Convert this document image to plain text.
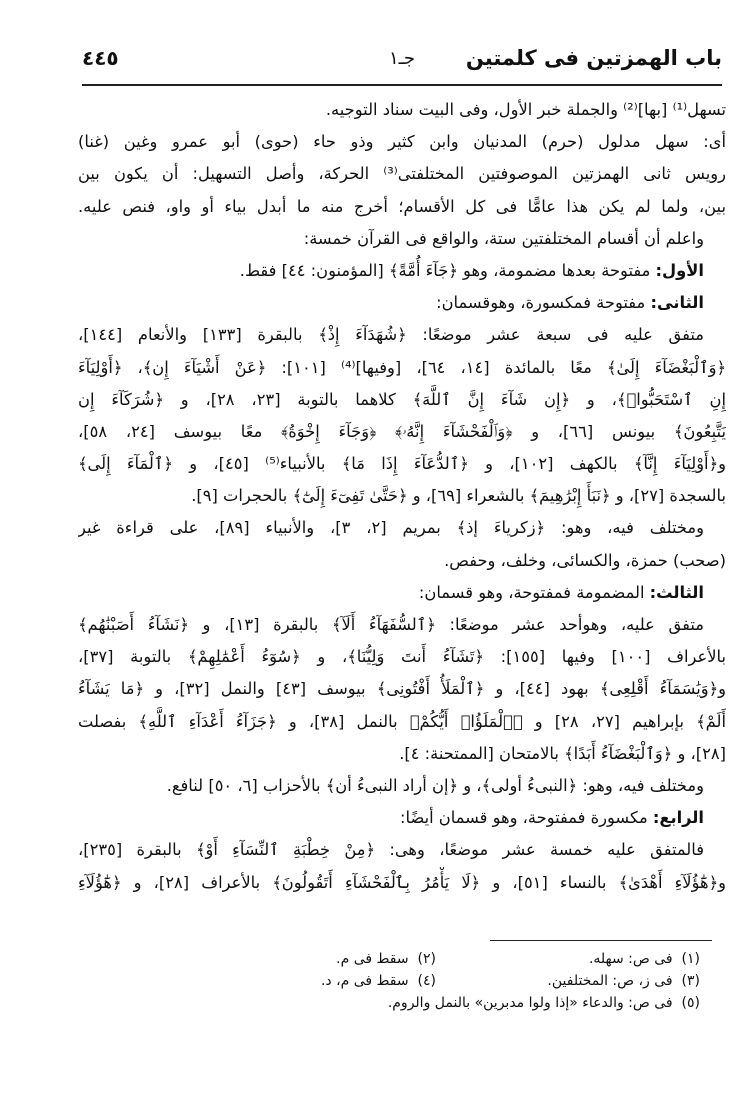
باب الهمزتين فى كلمتين
جـ١
٤٤٥
تسهل⁽¹⁾ [بها]⁽²⁾ والجملة خبر الأول، وفى البيت سناد التوجيه.
أى: سهل مدلول (حرم) المدنيان وابن كثير وذو حاء (حوى) أبو عمرو وغين (غنا)
رويس ثانى الهمزتين الموصوفتين المختلفتى⁽³⁾ الحركة، وأصل التسهيل: أن يكون بين
بين، ولما لم يكن هذا عامًّا فى كل الأقسام؛ أخرج منه ما أبدل بياء أو واو، فنص عليه.
واعلم أن أقسام المختلفتين ستة، والواقع فى القرآن خمسة:
الأول: مفتوحة بعدها مضمومة، وهو ﴿جَآءَ أُمَّةً﴾ [المؤمنون: ٤٤] فقط.
الثانى: مفتوحة فمكسورة، وهوقسمان:
متفق عليه فى سبعة عشر موضعًا: ﴿شُهَدَآءَ إِذْ﴾ بالبقرة [١٣٣] والأنعام [١٤٤]،
﴿وَٱلْبَغْضَآءَ إِلَىٰ﴾ معًا بالمائدة [١٤، ٦٤]، [وفيها]⁽⁴⁾ [١٠١]: ﴿عَنْ أَشْيَآءَ إِن﴾، ﴿أَوْلِيَآءَ
إِنِ ٱسْتَحَبُّوا۟﴾، و ﴿إِن شَآءَ إِنَّ ٱللَّهَ﴾ كلاهما بالتوبة [٢٣، ٢٨]، و ﴿شُرَكَآءَ إِن
يَتَّبِعُونَ﴾ بيونس [٦٦]، و ﴿وَٱلْفَحْشَآءَ إِنَّهُۥ﴾ ﴿وَجَآءَ إِخْوَةُ﴾ معًا بيوسف [٢٤، ٥٨]،
و﴿أَوْلِيَآءَ إِنَّآ﴾ بالكهف [١٠٢]، و ﴿ٱلدُّعَآءَ إِذَا مَا﴾ بالأنبياء⁽⁵⁾ [٤٥]، و ﴿ٱلْمَآءَ إِلَى﴾
بالسجدة [٢٧]، و ﴿نَبَأَ إِبْرَٰهِيمَ﴾ بالشعراء [٦٩]، و ﴿حَتَّىٰ تَفِىٓءَ إِلَىٰٓ﴾ بالحجرات [٩].
ومختلف فيه، وهو: ﴿زكرياءَ إذ﴾ بمريم [٢، ٣]، والأنبياء [٨٩]، على قراءة غير
(صحب) حمزة، والكسائى، وخلف، وحفص.
الثالث: المضمومة فمفتوحة، وهو قسمان:
متفق عليه، وهوأحد عشر موضعًا: ﴿ٱلسُّفَهَآءُ أَلَآ﴾ بالبقرة [١٣]، و ﴿نَشَآءُ أَصَبْنَٰهُم﴾
بالأعراف [١٠٠] وفيها [١٥٥]: ﴿تَشَآءُ أَنتَ وَلِيُّنَا﴾، و ﴿سُوٓءُ أَعْمَٰلِهِمْ﴾ بالتوبة [٣٧]،
و﴿وَيَٰسَمَآءُ أَقْلِعِى﴾ بهود [٤٤]، و ﴿ٱلْمَلَأُ أَفْتُونِى﴾ بيوسف [٤٣] والنمل [٣٢]، و ﴿مَا يَشَآءُ
أَلَمْ﴾ بإبراهيم [٢٧، ٢٨] و ﴿ٱلْمَلَؤُا۟ أَيُّكُمْ﴾ بالنمل [٣٨]، و ﴿جَزَآءُ أَعْدَآءِ ٱللَّهِ﴾ بفصلت
[٢٨]، و ﴿وَٱلْبَغْضَآءُ أَبَدًا﴾ بالامتحان [الممتحنة: ٤].
ومختلف فيه، وهو: ﴿النبىءُ أولى﴾، و ﴿إن أراد النبىءُ أن﴾ بالأحزاب [٦، ٥٠] لنافع.
الرابع: مكسورة فمفتوحة، وهو قسمان أيضًا:
فالمتفق عليه خمسة عشر موضعًا، وهى: ﴿مِنْ خِطْبَةِ ٱلنِّسَآءِ أَوْ﴾ بالبقرة [٢٣٥]،
و﴿هَٰٓؤُلَآءِ أَهْدَىٰ﴾ بالنساء [٥١]، و ﴿لَا يَأْمُرُ بِٱلْفَحْشَآءِ أَتَقُولُونَ﴾ بالأعراف [٢٨]، و ﴿هَٰٓؤُلَآءِ
(١)  فى ص: سهله.
(٢)  سقط فى م.
(٣)  فى ز، ص: المختلفين.
(٤)  سقط فى م، د.
(٥)  فى ص: والدعاء «إذا ولوا مدبرين» بالنمل والروم.
